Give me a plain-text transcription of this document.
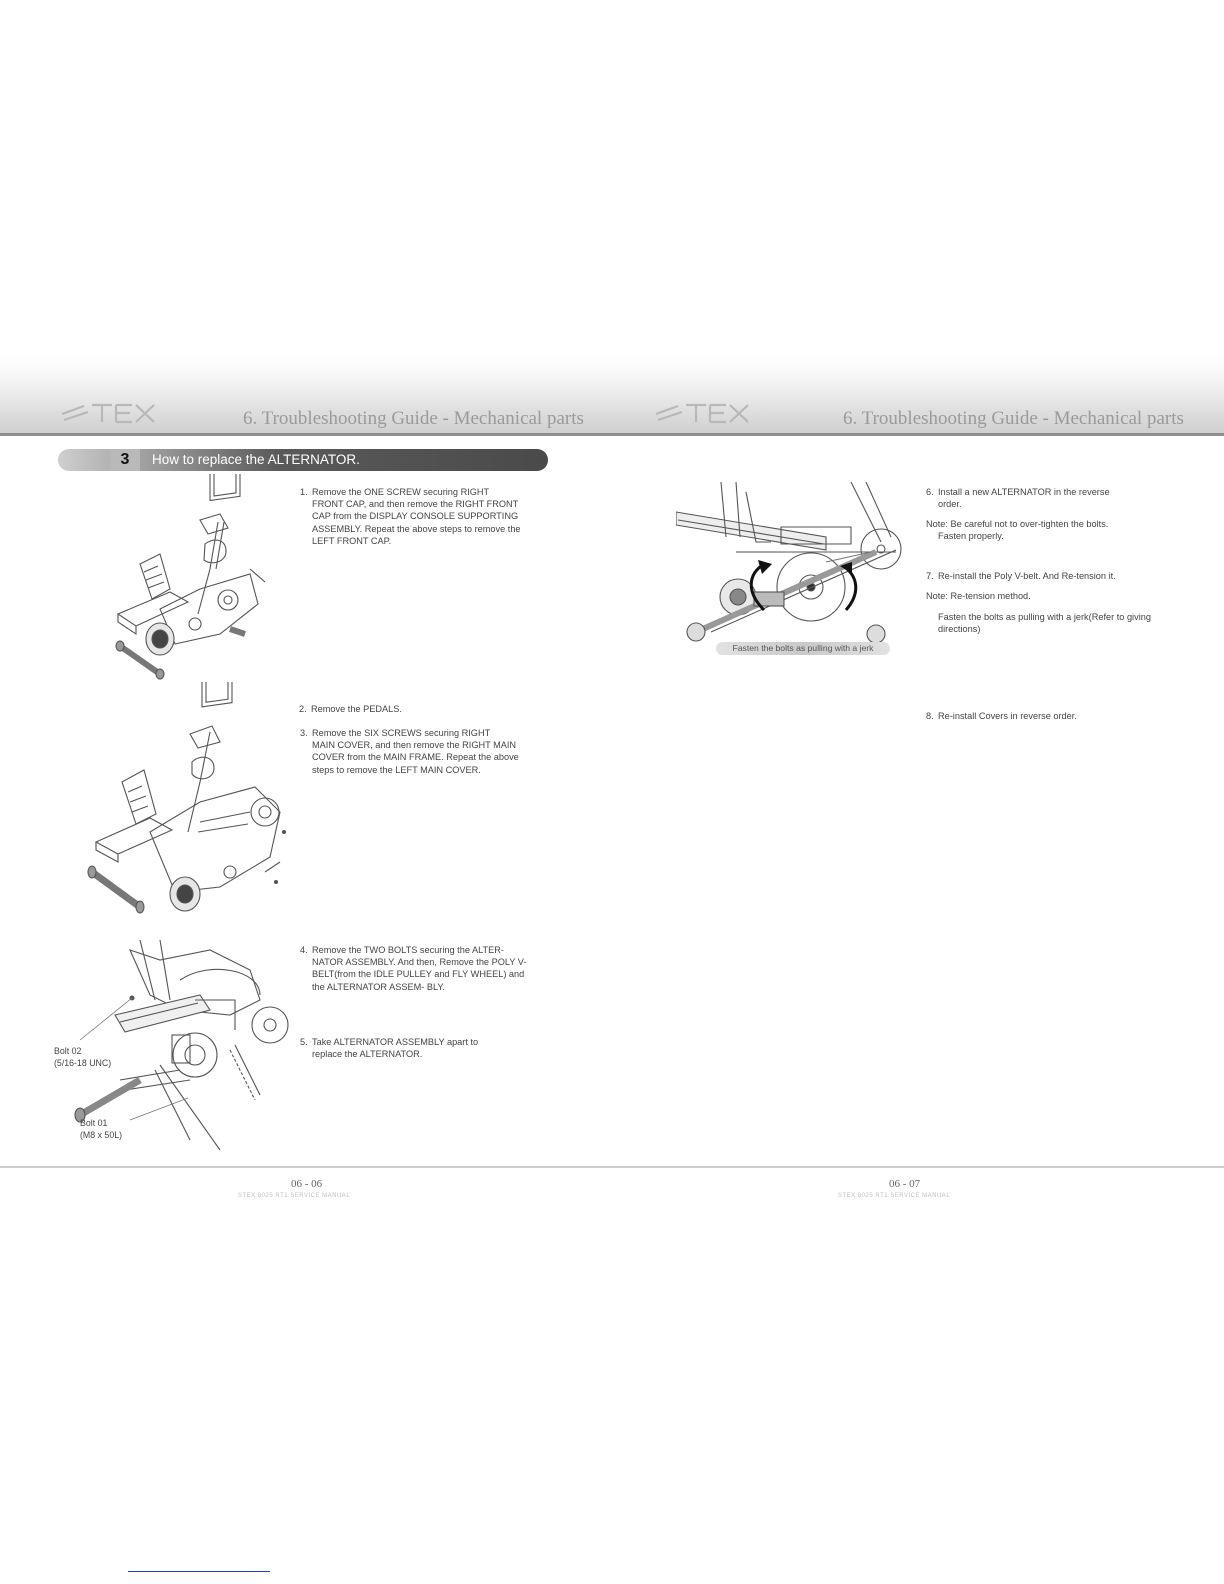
STEX	6. Troubleshooting Guide - Mechanical parts	6. Troubleshooting Guide - Mechanical parts
3	How to replace the ALTERNATOR.
1. Remove the ONE SCREW securing RIGHT
FRONT CAP, and then remove the RIGHT FRONT CAP from the DISPLAY CONSOLE SUPPORTING ASSEMBLY. Repeat the above steps to remove the LEFT FRONT CAP.
2. Remove the PEDALS.
3. Remove the SIX SCREWS securing RIGHT
MAIN COVER, and then remove the RIGHT MAIN COVER from the MAIN FRAME. Repeat the above steps to remove the LEFT MAIN COVER.
Bolt 02
(5/16-18 UNC)
Bolt 01
(M8 x 50L)
4. Remove the TWO BOLTS securing the ALTER-
NATOR ASSEMBLY. And then, Remove the POLY V-BELT(from the IDLE PULLEY and FLY WHEEL) and the ALTERNATOR ASSEM- BLY.
5. Take ALTERNATOR ASSEMBLY apart to
replace the ALTERNATOR.
Fasten the bolts as pulling with a jerk
6. Install a new ALTERNATOR in the reverse
order.
Note: Be careful not to over-tighten the bolts.
Fasten properly.
7. Re-install the Poly V-belt. And Re-tension it.
Note: Re-tension method.
Fasten the bolts as pulling with a jerk(Refer to giving directions)
8. Re-install Covers in reverse order.
06 - 06	06 - 07
STEX 8025 RT1 SERVICE MANUAL	STEX 8025 RT1 SERVICE MANUAL
